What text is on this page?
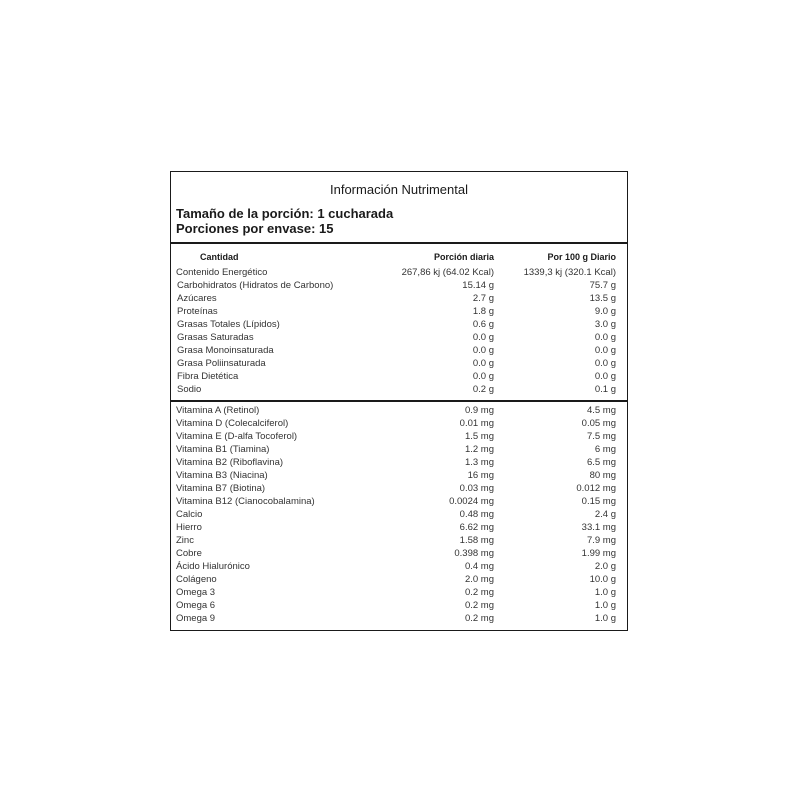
Información Nutrimental
Tamaño de la porción: 1 cucharada
Porciones por envase: 15
Cantidad	Porción diaria	Por 100 g Diario
Contenido Energético	267,86 kj (64.02 Kcal)	1339,3 kj (320.1 Kcal)
Carbohidratos (Hidratos de Carbono)	15.14 g	75.7 g
Azúcares	2.7 g	13.5 g
Proteínas	1.8 g	9.0 g
Grasas Totales (Lípidos)	0.6 g	3.0 g
Grasas Saturadas	0.0 g	0.0 g
Grasa Monoinsaturada	0.0 g	0.0 g
Grasa Poliinsaturada	0.0 g	0.0 g
Fibra Dietética	0.0 g	0.0 g
Sodio	0.2 g	0.1 g
Vitamina A (Retinol)	0.9 mg	4.5 mg
Vitamina D (Colecalciferol)	0.01 mg	0.05 mg
Vitamina E (D-alfa Tocoferol)	1.5 mg	7.5 mg
Vitamina B1 (Tiamina)	1.2 mg	6 mg
Vitamina B2 (Riboflavina)	1.3 mg	6.5 mg
Vitamina B3 (Niacina)	16 mg	80 mg
Vitamina B7 (Biotina)	0.03 mg	0.012 mg
Vitamina B12 (Cianocobalamina)	0.0024 mg	0.15 mg
Calcio	0.48 mg	2.4 g
Hierro	6.62 mg	33.1 mg
Zinc	1.58 mg	7.9 mg
Cobre	0.398 mg	1.99 mg
Ácido Hialurónico	0.4 mg	2.0 g
Colágeno	2.0 mg	10.0 g
Omega 3	0.2 mg	1.0 g
Omega 6	0.2 mg	1.0 g
Omega 9	0.2 mg	1.0 g
